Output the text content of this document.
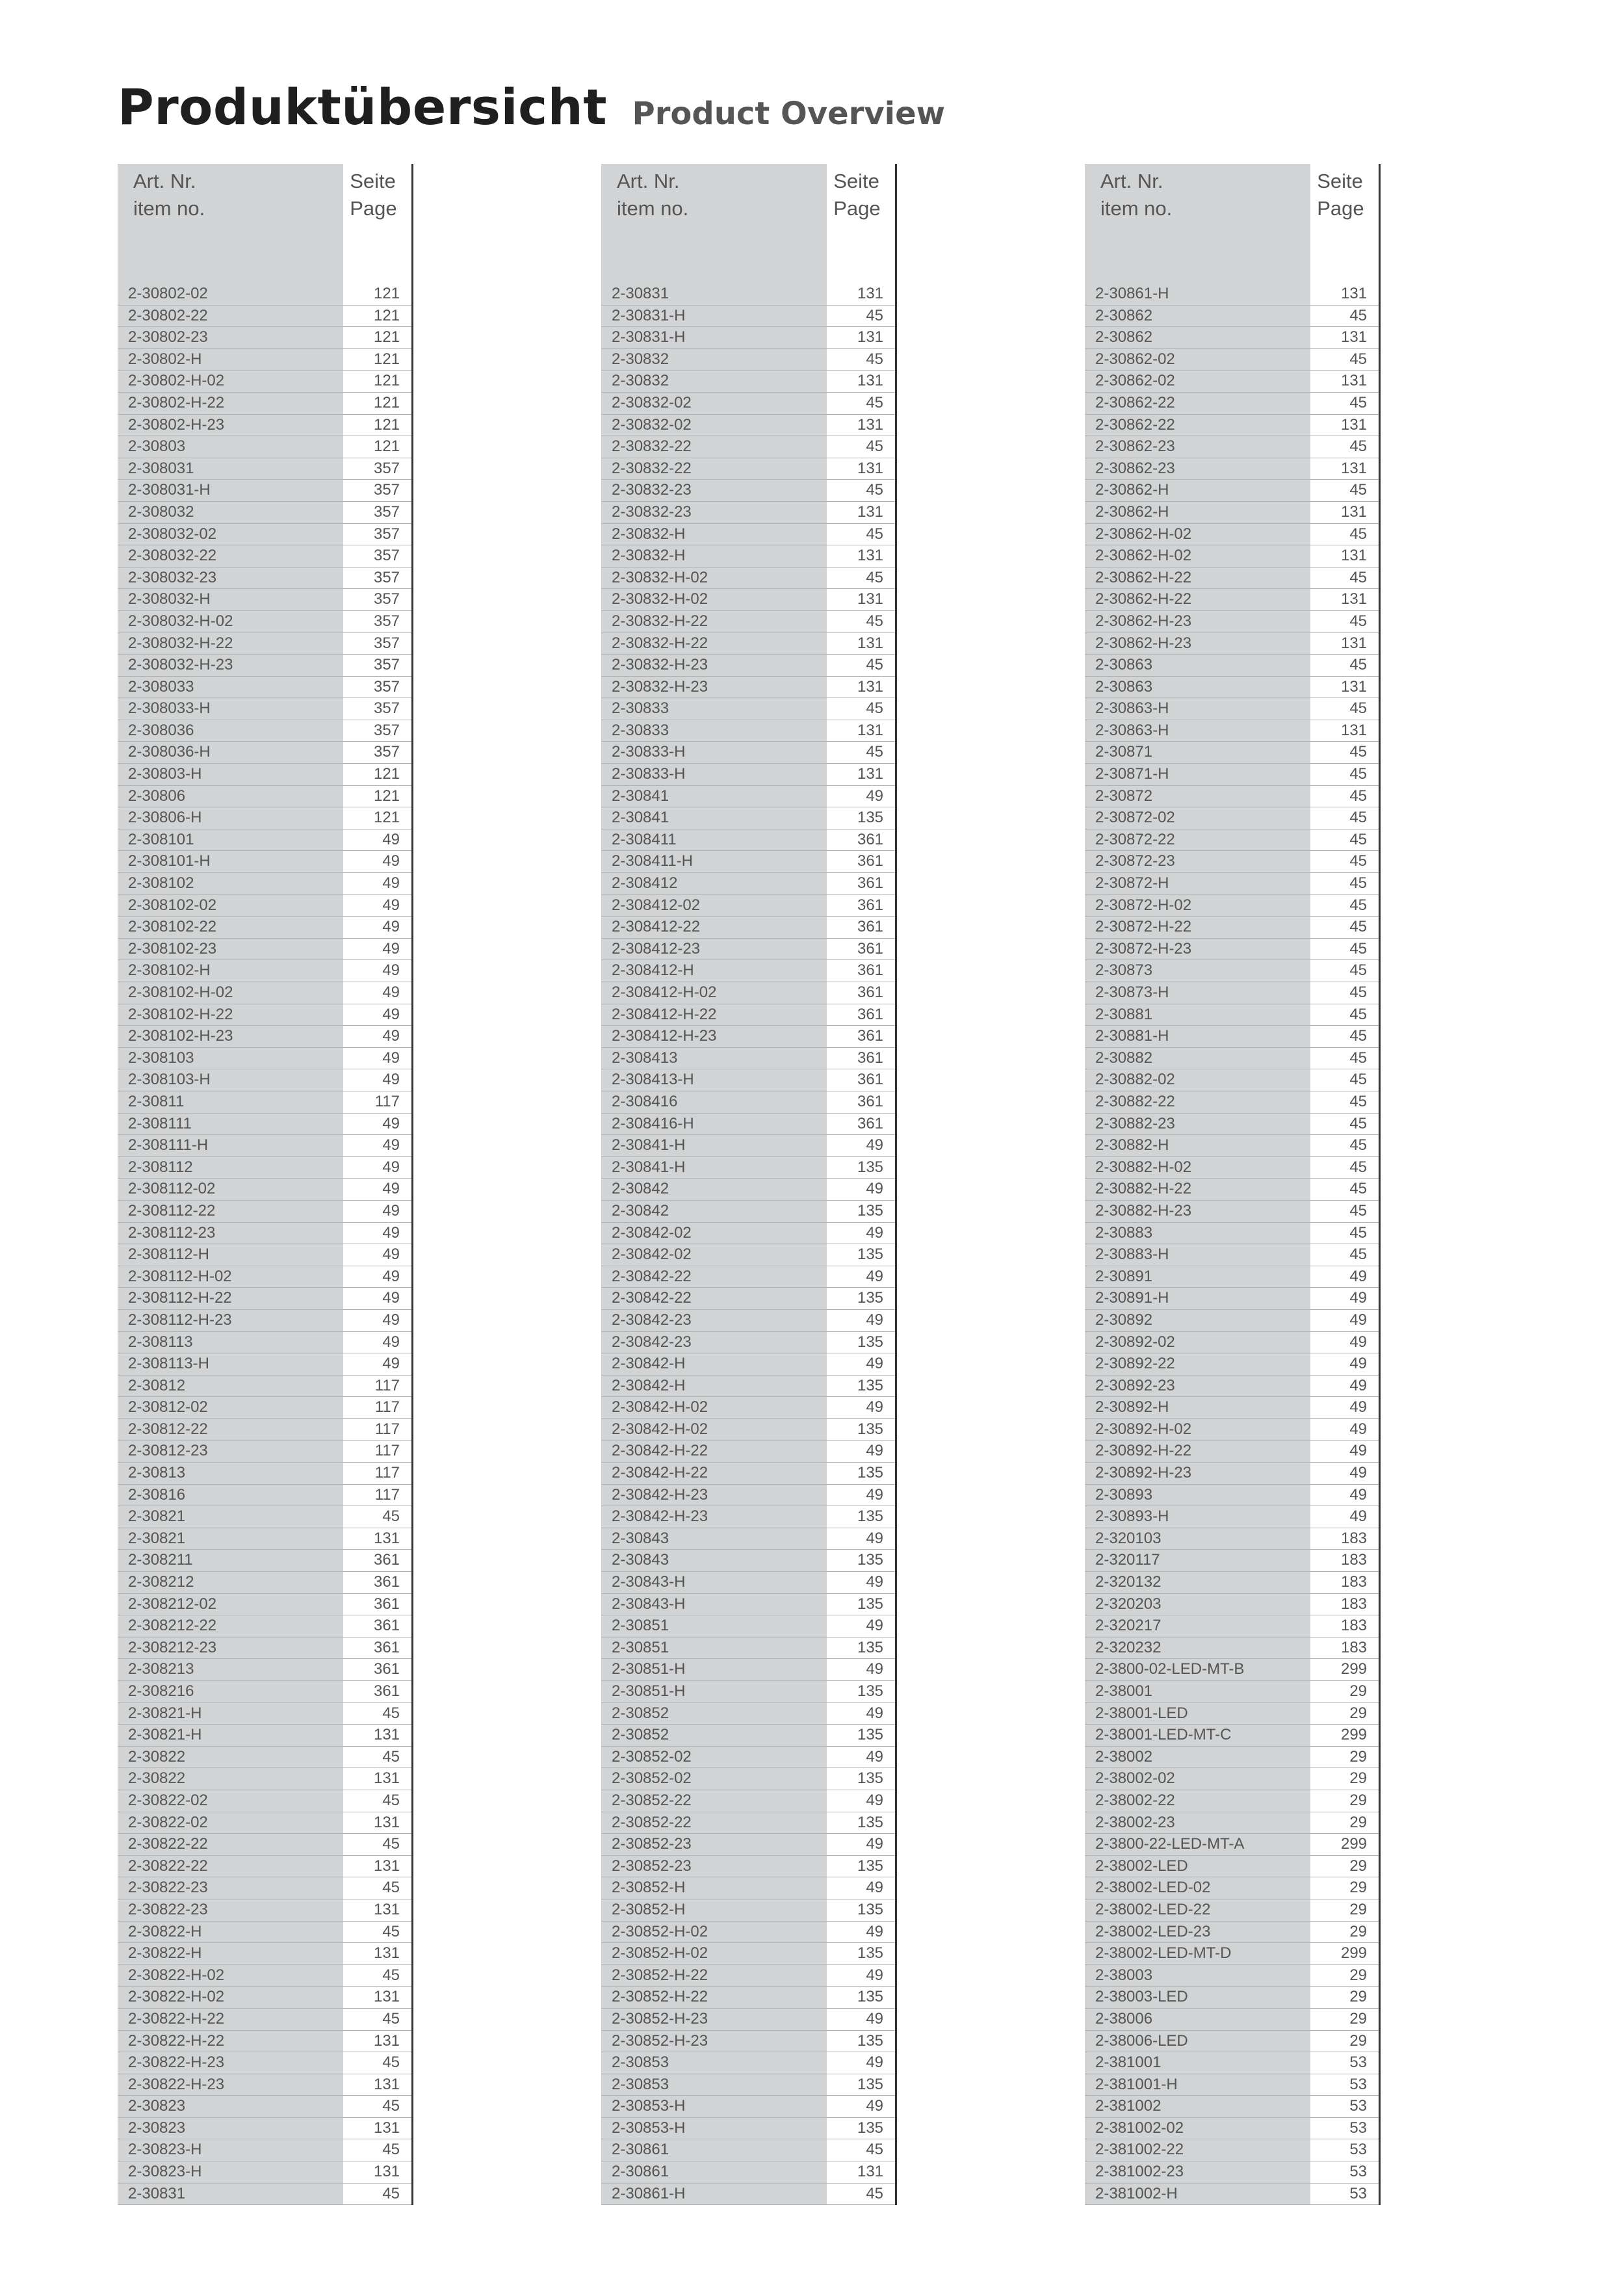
Produktübersicht Product Overview
Art. Nr.
item no.
Seite
Page
2-30802-02	121
2-30802-22	121
2-30802-23	121
2-30802-H	121
2-30802-H-02	121
2-30802-H-22	121
2-30802-H-23	121
2-30803	121
2-308031	357
2-308031-H	357
2-308032	357
2-308032-02	357
2-308032-22	357
2-308032-23	357
2-308032-H	357
2-308032-H-02	357
2-308032-H-22	357
2-308032-H-23	357
2-308033	357
2-308033-H	357
2-308036	357
2-308036-H	357
2-30803-H	121
2-30806	121
2-30806-H	121
2-308101	49
2-308101-H	49
2-308102	49
2-308102-02	49
2-308102-22	49
2-308102-23	49
2-308102-H	49
2-308102-H-02	49
2-308102-H-22	49
2-308102-H-23	49
2-308103	49
2-308103-H	49
2-30811	117
2-308111	49
2-308111-H	49
2-308112	49
2-308112-02	49
2-308112-22	49
2-308112-23	49
2-308112-H	49
2-308112-H-02	49
2-308112-H-22	49
2-308112-H-23	49
2-308113	49
2-308113-H	49
2-30812	117
2-30812-02	117
2-30812-22	117
2-30812-23	117
2-30813	117
2-30816	117
2-30821	45
2-30821	131
2-308211	361
2-308212	361
2-308212-02	361
2-308212-22	361
2-308212-23	361
2-308213	361
2-308216	361
2-30821-H	45
2-30821-H	131
2-30822	45
2-30822	131
2-30822-02	45
2-30822-02	131
2-30822-22	45
2-30822-22	131
2-30822-23	45
2-30822-23	131
2-30822-H	45
2-30822-H	131
2-30822-H-02	45
2-30822-H-02	131
2-30822-H-22	45
2-30822-H-22	131
2-30822-H-23	45
2-30822-H-23	131
2-30823	45
2-30823	131
2-30823-H	45
2-30823-H	131
2-30831	45
Art. Nr.
item no.
Seite
Page
2-30831	131
2-30831-H	45
2-30831-H	131
2-30832	45
2-30832	131
2-30832-02	45
2-30832-02	131
2-30832-22	45
2-30832-22	131
2-30832-23	45
2-30832-23	131
2-30832-H	45
2-30832-H	131
2-30832-H-02	45
2-30832-H-02	131
2-30832-H-22	45
2-30832-H-22	131
2-30832-H-23	45
2-30832-H-23	131
2-30833	45
2-30833	131
2-30833-H	45
2-30833-H	131
2-30841	49
2-30841	135
2-308411	361
2-308411-H	361
2-308412	361
2-308412-02	361
2-308412-22	361
2-308412-23	361
2-308412-H	361
2-308412-H-02	361
2-308412-H-22	361
2-308412-H-23	361
2-308413	361
2-308413-H	361
2-308416	361
2-308416-H	361
2-30841-H	49
2-30841-H	135
2-30842	49
2-30842	135
2-30842-02	49
2-30842-02	135
2-30842-22	49
2-30842-22	135
2-30842-23	49
2-30842-23	135
2-30842-H	49
2-30842-H	135
2-30842-H-02	49
2-30842-H-02	135
2-30842-H-22	49
2-30842-H-22	135
2-30842-H-23	49
2-30842-H-23	135
2-30843	49
2-30843	135
2-30843-H	49
2-30843-H	135
2-30851	49
2-30851	135
2-30851-H	49
2-30851-H	135
2-30852	49
2-30852	135
2-30852-02	49
2-30852-02	135
2-30852-22	49
2-30852-22	135
2-30852-23	49
2-30852-23	135
2-30852-H	49
2-30852-H	135
2-30852-H-02	49
2-30852-H-02	135
2-30852-H-22	49
2-30852-H-22	135
2-30852-H-23	49
2-30852-H-23	135
2-30853	49
2-30853	135
2-30853-H	49
2-30853-H	135
2-30861	45
2-30861	131
2-30861-H	45
Art. Nr.
item no.
Seite
Page
2-30861-H	131
2-30862	45
2-30862	131
2-30862-02	45
2-30862-02	131
2-30862-22	45
2-30862-22	131
2-30862-23	45
2-30862-23	131
2-30862-H	45
2-30862-H	131
2-30862-H-02	45
2-30862-H-02	131
2-30862-H-22	45
2-30862-H-22	131
2-30862-H-23	45
2-30862-H-23	131
2-30863	45
2-30863	131
2-30863-H	45
2-30863-H	131
2-30871	45
2-30871-H	45
2-30872	45
2-30872-02	45
2-30872-22	45
2-30872-23	45
2-30872-H	45
2-30872-H-02	45
2-30872-H-22	45
2-30872-H-23	45
2-30873	45
2-30873-H	45
2-30881	45
2-30881-H	45
2-30882	45
2-30882-02	45
2-30882-22	45
2-30882-23	45
2-30882-H	45
2-30882-H-02	45
2-30882-H-22	45
2-30882-H-23	45
2-30883	45
2-30883-H	45
2-30891	49
2-30891-H	49
2-30892	49
2-30892-02	49
2-30892-22	49
2-30892-23	49
2-30892-H	49
2-30892-H-02	49
2-30892-H-22	49
2-30892-H-23	49
2-30893	49
2-30893-H	49
2-320103	183
2-320117	183
2-320132	183
2-320203	183
2-320217	183
2-320232	183
2-3800-02-LED-MT-B	299
2-38001	29
2-38001-LED	29
2-38001-LED-MT-C	299
2-38002	29
2-38002-02	29
2-38002-22	29
2-38002-23	29
2-3800-22-LED-MT-A	299
2-38002-LED	29
2-38002-LED-02	29
2-38002-LED-22	29
2-38002-LED-23	29
2-38002-LED-MT-D	299
2-38003	29
2-38003-LED	29
2-38006	29
2-38006-LED	29
2-381001	53
2-381001-H	53
2-381002	53
2-381002-02	53
2-381002-22	53
2-381002-23	53
2-381002-H	53
